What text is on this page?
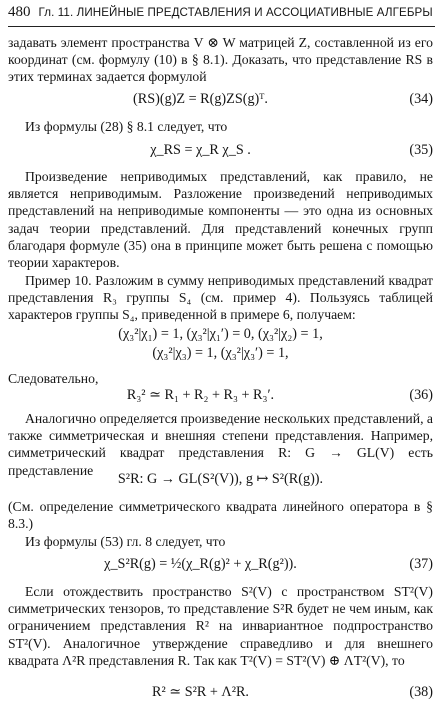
480 Гл. 11. ЛИНЕЙНЫЕ ПРЕДСТАВЛЕНИЯ И АССОЦИАТИВНЫЕ АЛГЕБРЫ

задавать элемент пространства V ⊗ W матрицей Z, составленной из его координат (см. формулу (10) в § 8.1). Доказать, что представление RS в этих терминах задается формулой

(RS)(g)Z = R(g)ZS(g)ᵀ.	(34)

Из формулы (28) § 8.1 следует, что

χ_RS = χ_R χ_S .	(35)

Произведение неприводимых представлений, как правило, не является неприводимым. Разложение произведений неприводимых представлений на неприводимые компоненты — это одна из основных задач теории представлений. Для представлений конечных групп благодаря формуле (35) она в принципе может быть решена с помощью теории характеров.

Пример 10. Разложим в сумму неприводимых представлений квадрат представления R₃ группы S₄ (см. пример 4). Пользуясь таблицей характеров группы S₄, приведенной в примере 6, получаем:

(χ₃²|χ₁) = 1, (χ₃²|χ₁′) = 0, (χ₃²|χ₂) = 1,
(χ₃²|χ₃) = 1, (χ₃²|χ₃′) = 1,

Следовательно,

R₃² ≃ R₁ + R₂ + R₃ + R₃′.	(36)

Аналогично определяется произведение нескольких представлений, а также симметрическая и внешняя степени представления. Например, симметрический квадрат представления R: G → GL(V) есть представление

S²R: G → GL(S²(V)), g ↦ S²(R(g)).

(См. определение симметрического квадрата линейного оператора в § 8.3.)

Из формулы (53) гл. 8 следует, что

χ_S²R(g) = ½(χ_R(g)² + χ_R(g²)).	(37)

Если отождествить пространство S²(V) с пространством ST²(V) симметрических тензоров, то представление S²R будет не чем иным, как ограничением представления R² на инвариантное подпространство ST²(V). Аналогичное утверждение справедливо и для внешнего квадрата Λ²R представления R. Так как T²(V) = ST²(V) ⊕ ΛT²(V), то

R² ≃ S²R + Λ²R.	(38)
